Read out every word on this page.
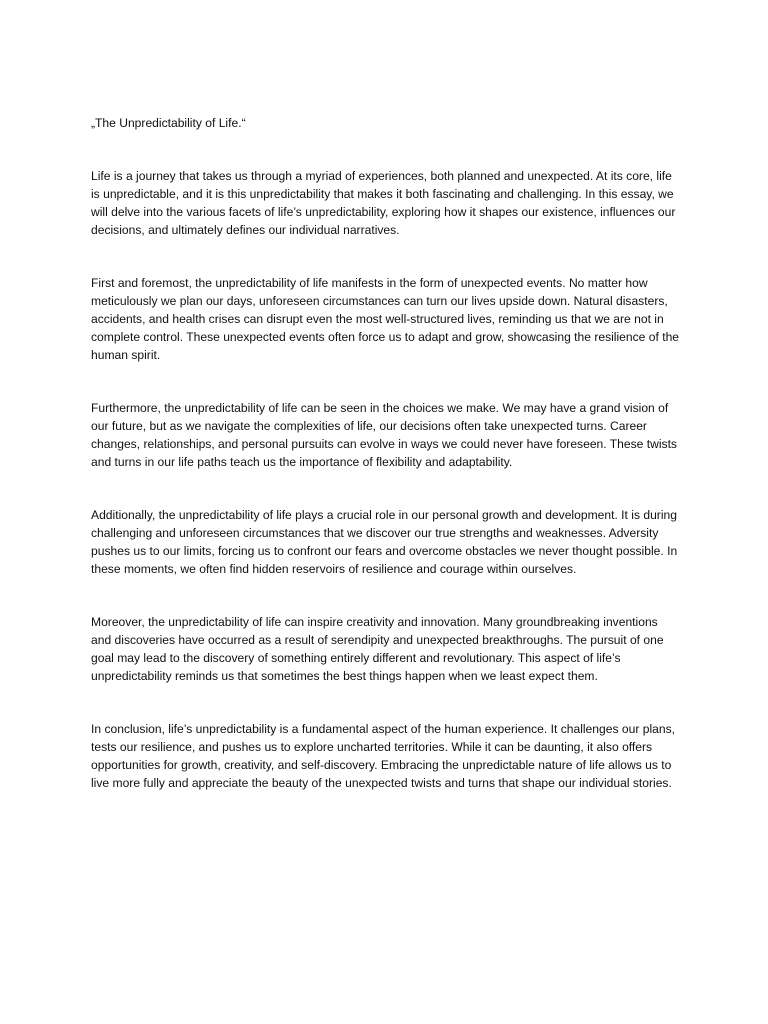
„The Unpredictability of Life.“

Life is a journey that takes us through a myriad of experiences, both planned and unexpected. At its core, life is unpredictable, and it is this unpredictability that makes it both fascinating and challenging. In this essay, we will delve into the various facets of life’s unpredictability, exploring how it shapes our existence, influences our decisions, and ultimately defines our individual narratives.

First and foremost, the unpredictability of life manifests in the form of unexpected events. No matter how meticulously we plan our days, unforeseen circumstances can turn our lives upside down. Natural disasters, accidents, and health crises can disrupt even the most well-structured lives, reminding us that we are not in complete control. These unexpected events often force us to adapt and grow, showcasing the resilience of the human spirit.

Furthermore, the unpredictability of life can be seen in the choices we make. We may have a grand vision of our future, but as we navigate the complexities of life, our decisions often take unexpected turns. Career changes, relationships, and personal pursuits can evolve in ways we could never have foreseen. These twists and turns in our life paths teach us the importance of flexibility and adaptability.

Additionally, the unpredictability of life plays a crucial role in our personal growth and development. It is during challenging and unforeseen circumstances that we discover our true strengths and weaknesses. Adversity pushes us to our limits, forcing us to confront our fears and overcome obstacles we never thought possible. In these moments, we often find hidden reservoirs of resilience and courage within ourselves.

Moreover, the unpredictability of life can inspire creativity and innovation. Many groundbreaking inventions and discoveries have occurred as a result of serendipity and unexpected breakthroughs. The pursuit of one goal may lead to the discovery of something entirely different and revolutionary. This aspect of life’s unpredictability reminds us that sometimes the best things happen when we least expect them.

In conclusion, life’s unpredictability is a fundamental aspect of the human experience. It challenges our plans, tests our resilience, and pushes us to explore uncharted territories. While it can be daunting, it also offers opportunities for growth, creativity, and self-discovery. Embracing the unpredictable nature of life allows us to live more fully and appreciate the beauty of the unexpected twists and turns that shape our individual stories.
